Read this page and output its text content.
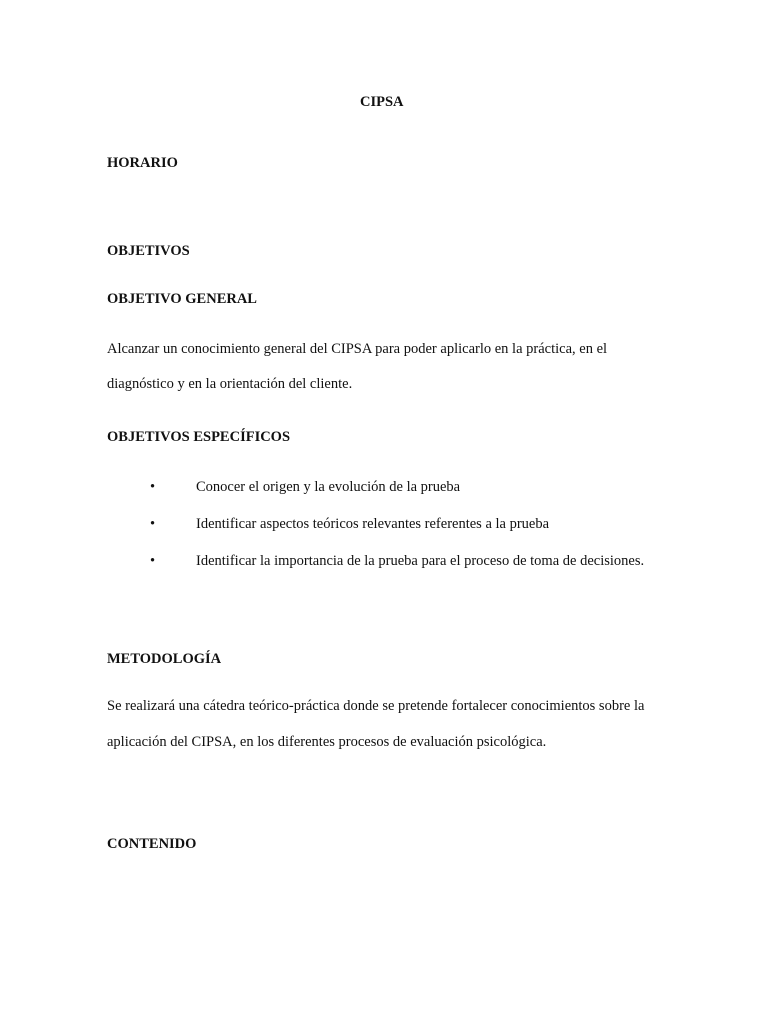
CIPSA
HORARIO
OBJETIVOS
OBJETIVO GENERAL
Alcanzar un conocimiento general del CIPSA para poder aplicarlo en la práctica, en el
diagnóstico y en la orientación del cliente.
OBJETIVOS ESPECÍFICOS
•	Conocer el origen y la evolución de la prueba
•	Identificar aspectos teóricos relevantes referentes a la prueba
•	Identificar la importancia de la prueba para el proceso de toma de decisiones.
METODOLOGÍA
Se realizará una cátedra teórico-práctica donde se pretende fortalecer conocimientos sobre la
aplicación del CIPSA, en los diferentes procesos de evaluación psicológica.
CONTENIDO
